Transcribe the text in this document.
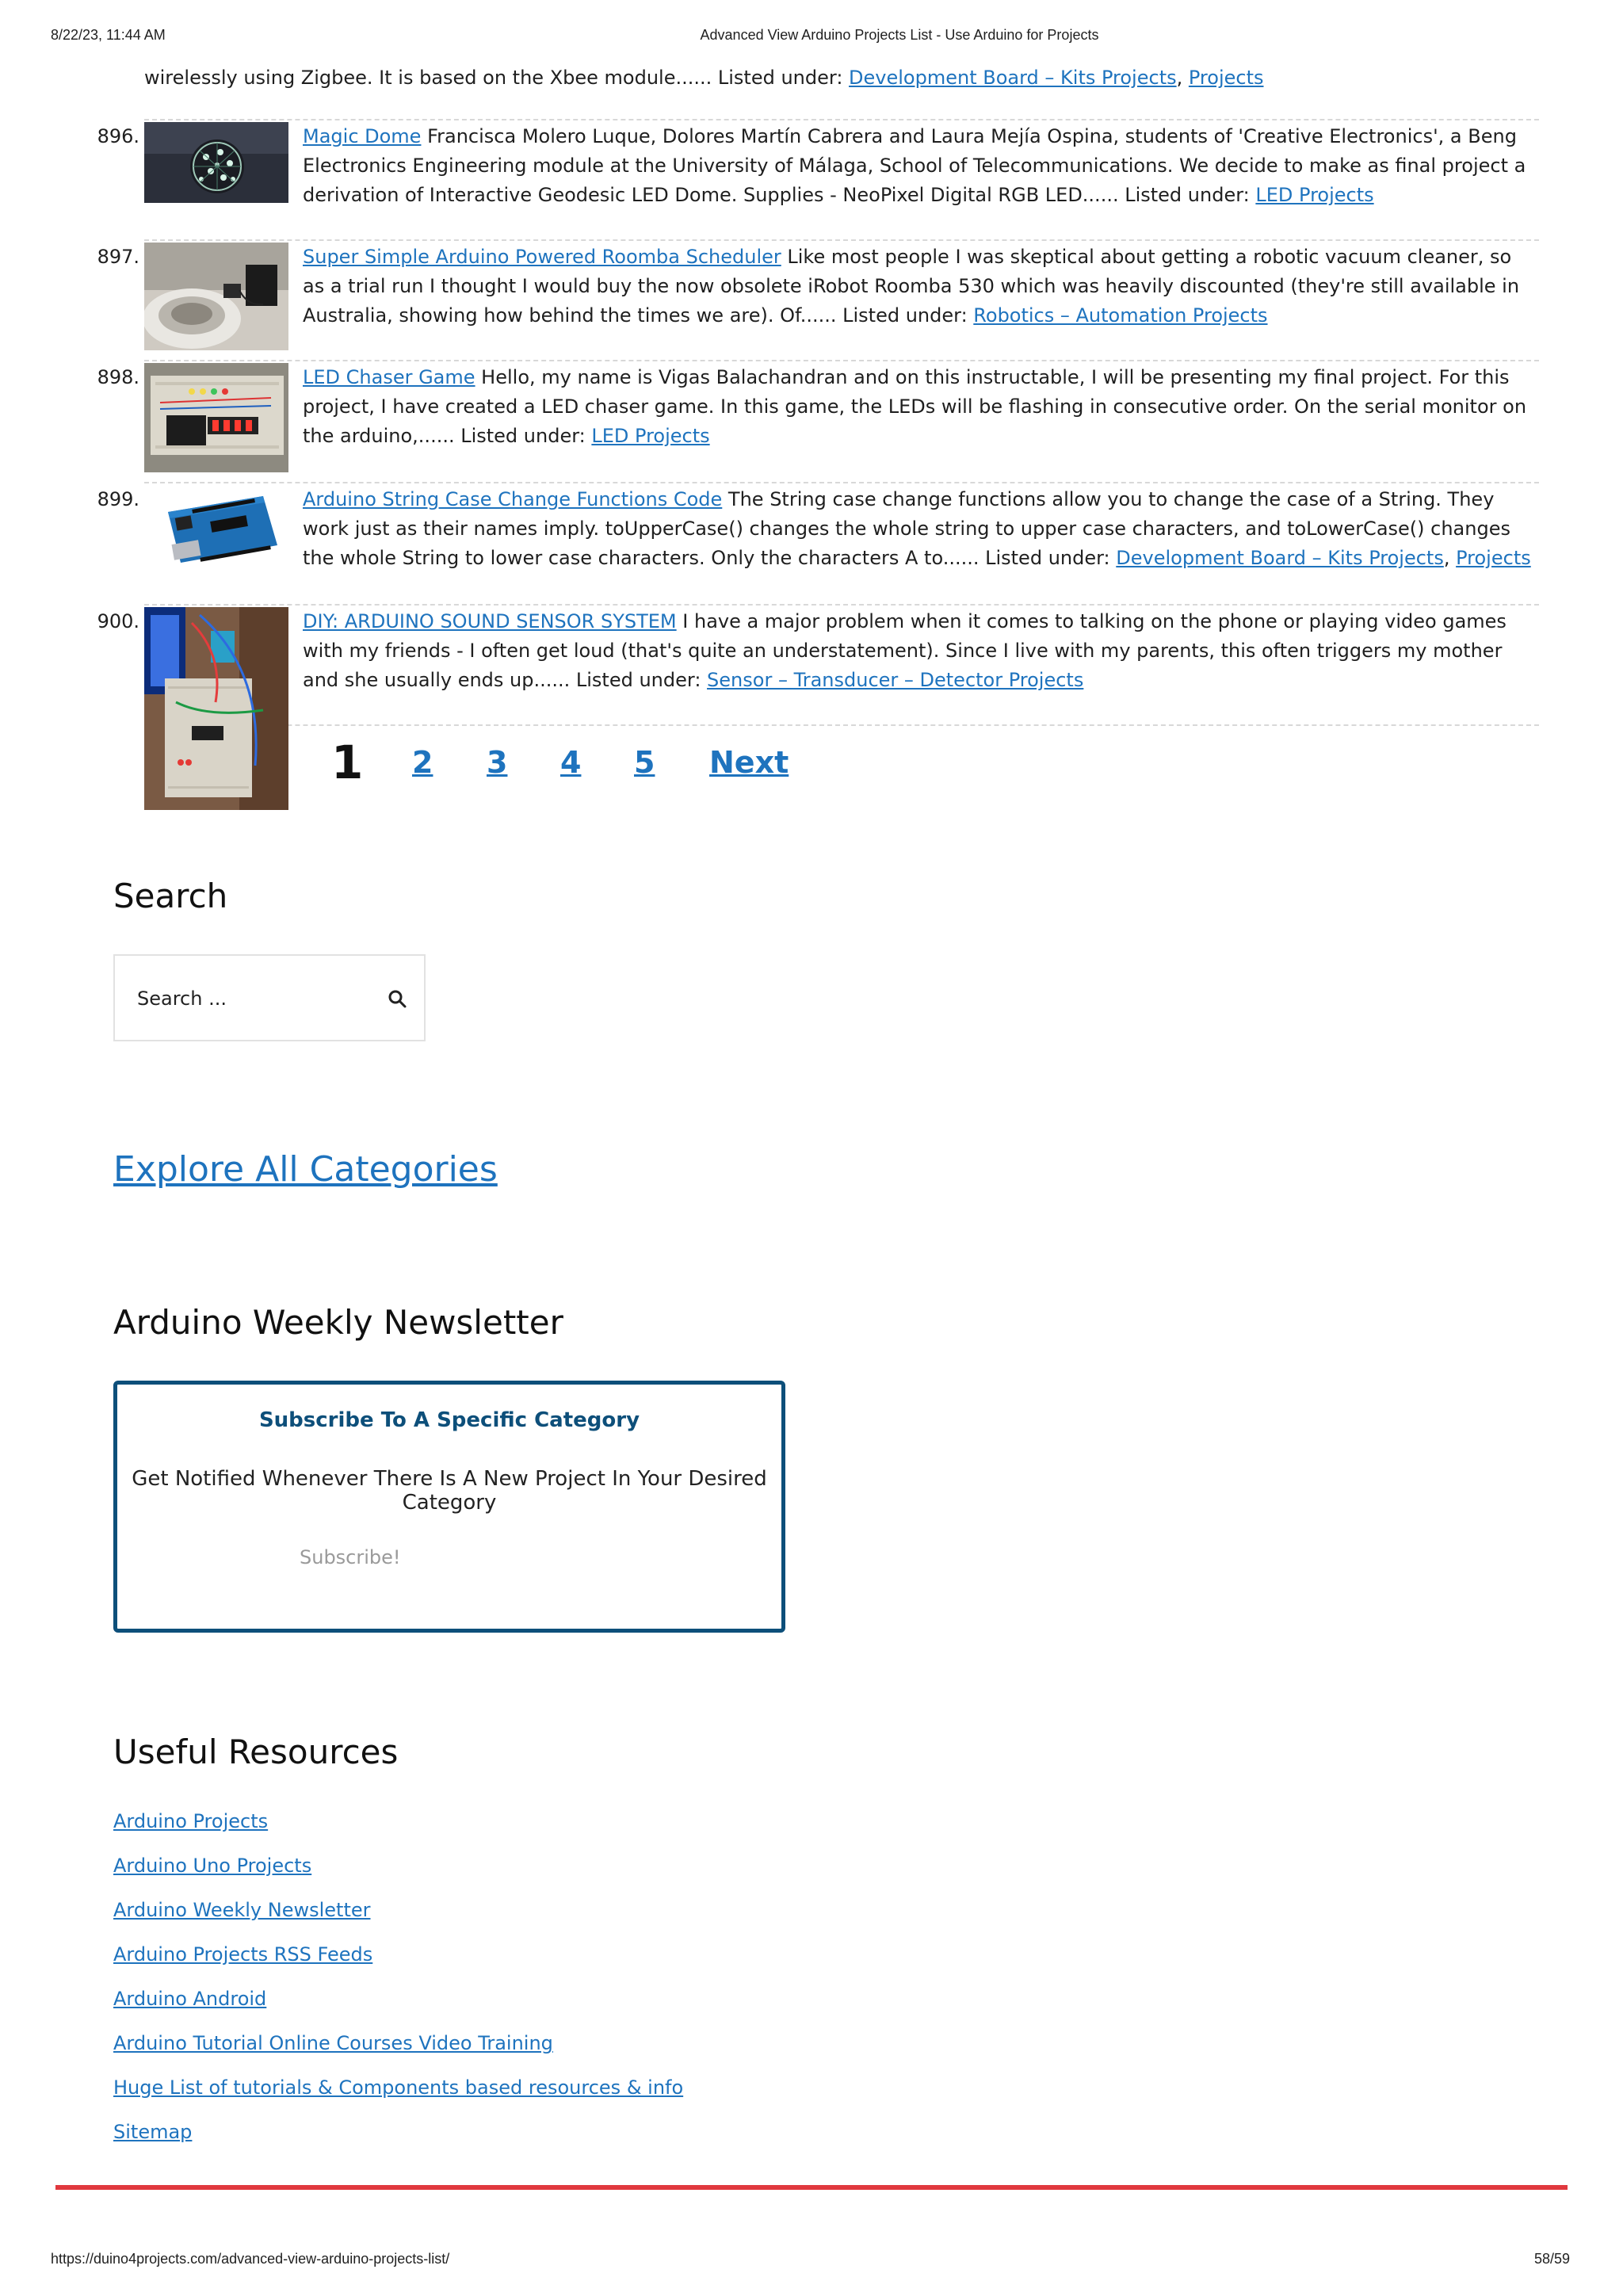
8/22/23, 11:44 AM	Advanced View Arduino Projects List - Use Arduino for Projects
wirelessly using Zigbee. It is based on the Xbee module...... Listed under: Development Board – Kits Projects, Projects
896.	Magic Dome Francisca Molero Luque, Dolores Martín Cabrera and Laura Mejía Ospina, students of 'Creative Electronics', a Beng Electronics Engineering module at the University of Málaga, School of Telecommunications. We decide to make as final project a derivation of Interactive Geodesic LED Dome. Supplies - NeoPixel Digital RGB LED...... Listed under: LED Projects
897.	Super Simple Arduino Powered Roomba Scheduler Like most people I was skeptical about getting a robotic vacuum cleaner, so as a trial run I thought I would buy the now obsolete iRobot Roomba 530 which was heavily discounted (they're still available in Australia, showing how behind the times we are). Of...... Listed under: Robotics – Automation Projects
898.	LED Chaser Game Hello, my name is Vigas Balachandran and on this instructable, I will be presenting my final project. For this project, I have created a LED chaser game. In this game, the LEDs will be flashing in consecutive order. On the serial monitor on the arduino,...... Listed under: LED Projects
899.	Arduino String Case Change Functions Code The String case change functions allow you to change the case of a String. They work just as their names imply. toUpperCase() changes the whole string to upper case characters, and toLowerCase() changes the whole String to lower case characters. Only the characters A to...... Listed under: Development Board – Kits Projects, Projects
900.	DIY: ARDUINO SOUND SENSOR SYSTEM I have a major problem when it comes to talking on the phone or playing video games with my friends - I often get loud (that's quite an understatement). Since I live with my parents, this often triggers my mother and she usually ends up...... Listed under: Sensor – Transducer – Detector Projects
1 2 3 4 5 Next
Search
Search ...
Explore All Categories
Arduino Weekly Newsletter
Subscribe To A Specific Category
Get Notified Whenever There Is A New Project In Your Desired Category
Subscribe!
Useful Resources
Arduino Projects
Arduino Uno Projects
Arduino Weekly Newsletter
Arduino Projects RSS Feeds
Arduino Android
Arduino Tutorial Online Courses Video Training
Huge List of tutorials & Components based resources & info
Sitemap
https://duino4projects.com/advanced-view-arduino-projects-list/	58/59
